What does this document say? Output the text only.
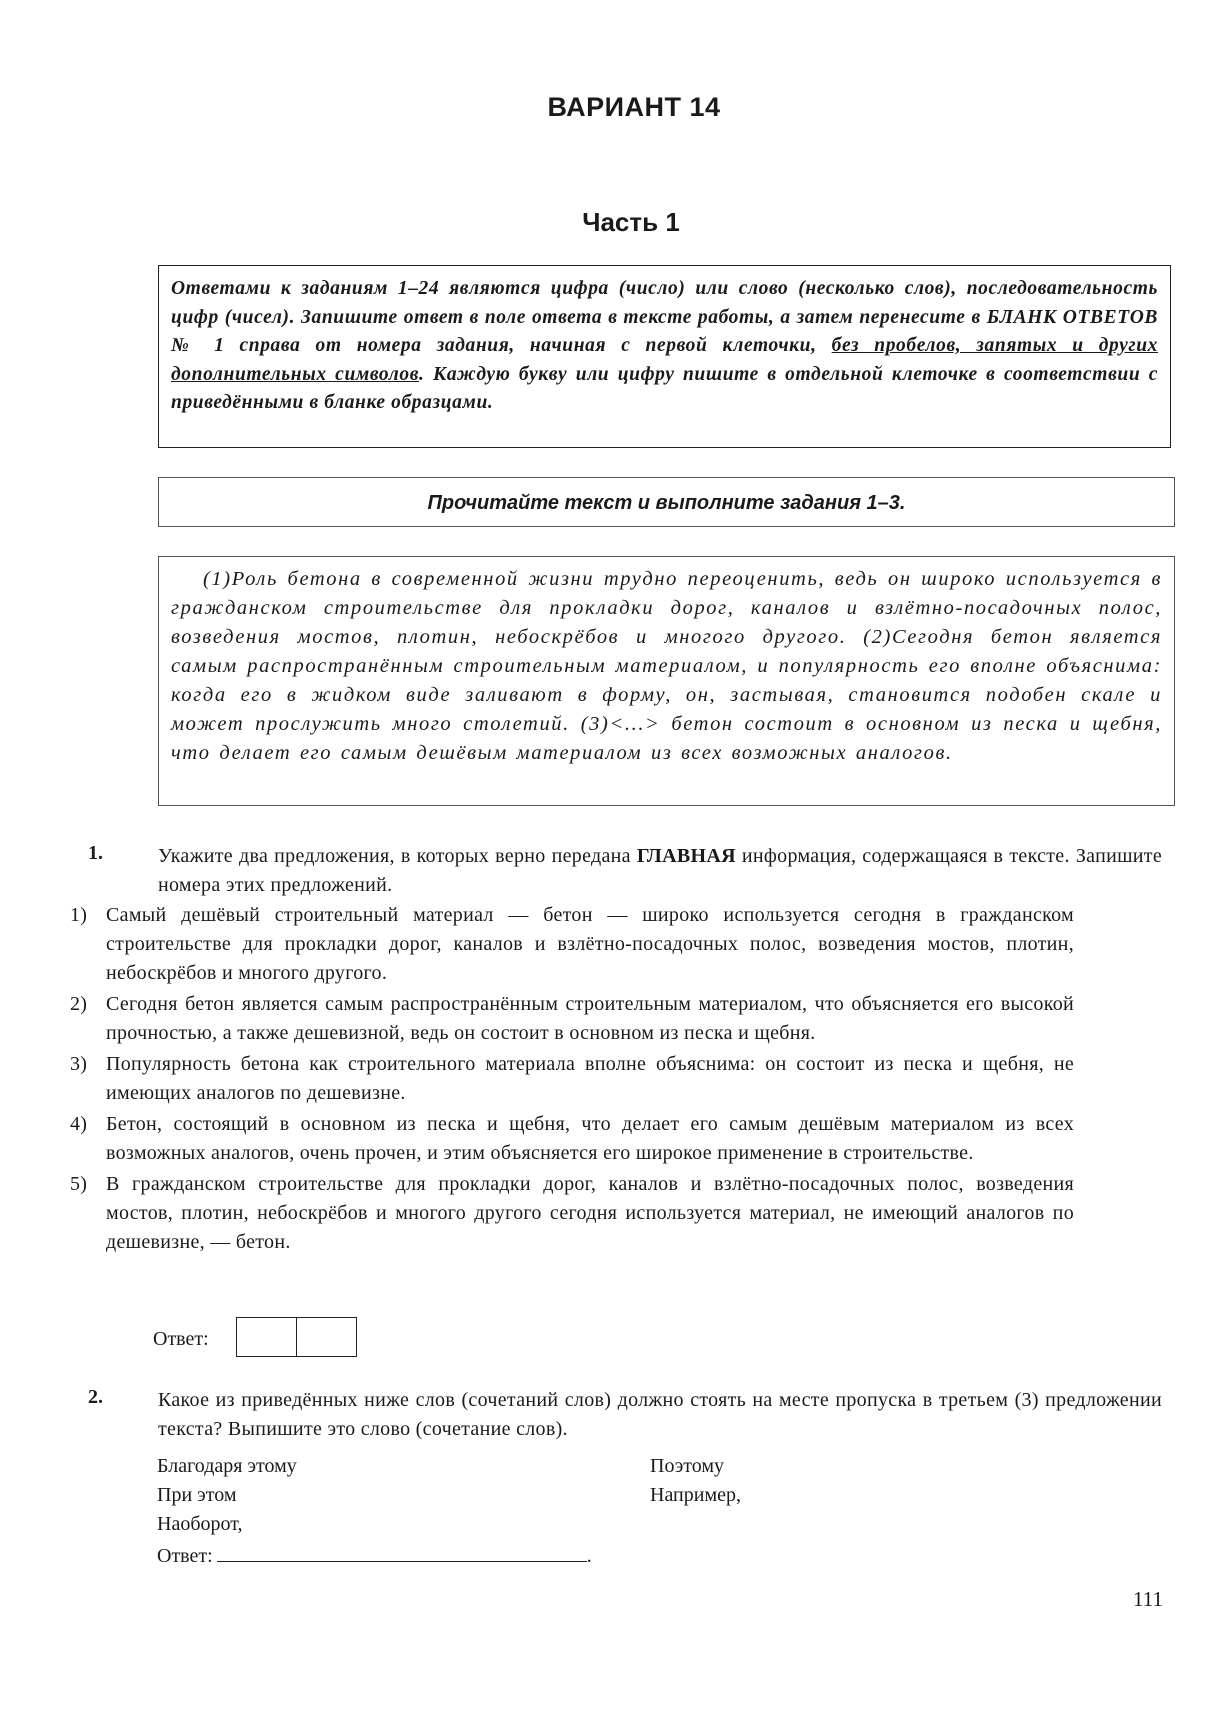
ВАРИАНТ 14
Часть 1
Ответами к заданиям 1–24 являются цифра (число) или слово (несколько слов), последовательность цифр (чисел). Запишите ответ в поле ответа в тексте работы, а затем перенесите в БЛАНК ОТВЕТОВ № 1 справа от номера задания, начиная с первой клеточки, без пробелов, запятых и других дополнительных символов. Каждую букву или цифру пишите в отдельной клеточке в соответствии с приведёнными в бланке образцами.
Прочитайте текст и выполните задания 1–3.

(1)Роль бетона в современной жизни трудно переоценить, ведь он широко используется в гражданском строительстве для прокладки дорог, каналов и взлётно-посадочных полос, возведения мостов, плотин, небоскрёбов и многого другого. (2)Сегодня бетон является самым распространённым строительным материалом, и популярность его вполне объяснима: когда его в жидком виде заливают в форму, он, застывая, становится подобен скале и может прослужить много столетий. (3)<...> бетон состоит в основном из песка и щебня, что делает его самым дешёвым материалом из всех возможных аналогов.

1.	Укажите два предложения, в которых верно передана ГЛАВНАЯ информация, содержащаяся в тексте. Запишите номера этих предложений.
1) Самый дешёвый строительный материал — бетон — широко используется сегодня в гражданском строительстве для прокладки дорог, каналов и взлётно-посадочных полос, возведения мостов, плотин, небоскрёбов и многого другого.
2) Сегодня бетон является самым распространённым строительным материалом, что объясняется его высокой прочностью, а также дешевизной, ведь он состоит в основном из песка и щебня.
3) Популярность бетона как строительного материала вполне объяснима: он состоит из песка и щебня, не имеющих аналогов по дешевизне.
4) Бетон, состоящий в основном из песка и щебня, что делает его самым дешёвым материалом из всех возможных аналогов, очень прочен, и этим объясняется его широкое применение в строительстве.
5) В гражданском строительстве для прокладки дорог, каналов и взлётно-посадочных полос, возведения мостов, плотин, небоскрёбов и многого другого сегодня используется материал, не имеющий аналогов по дешевизне, — бетон.
Ответ:
2.	Какое из приведённых ниже слов (сочетаний слов) должно стоять на месте пропуска в третьем (3) предложении текста? Выпишите это слово (сочетание слов).
Благодаря этому
При этом
Наоборот,
Поэтому
Например,
Ответ:	.
111
